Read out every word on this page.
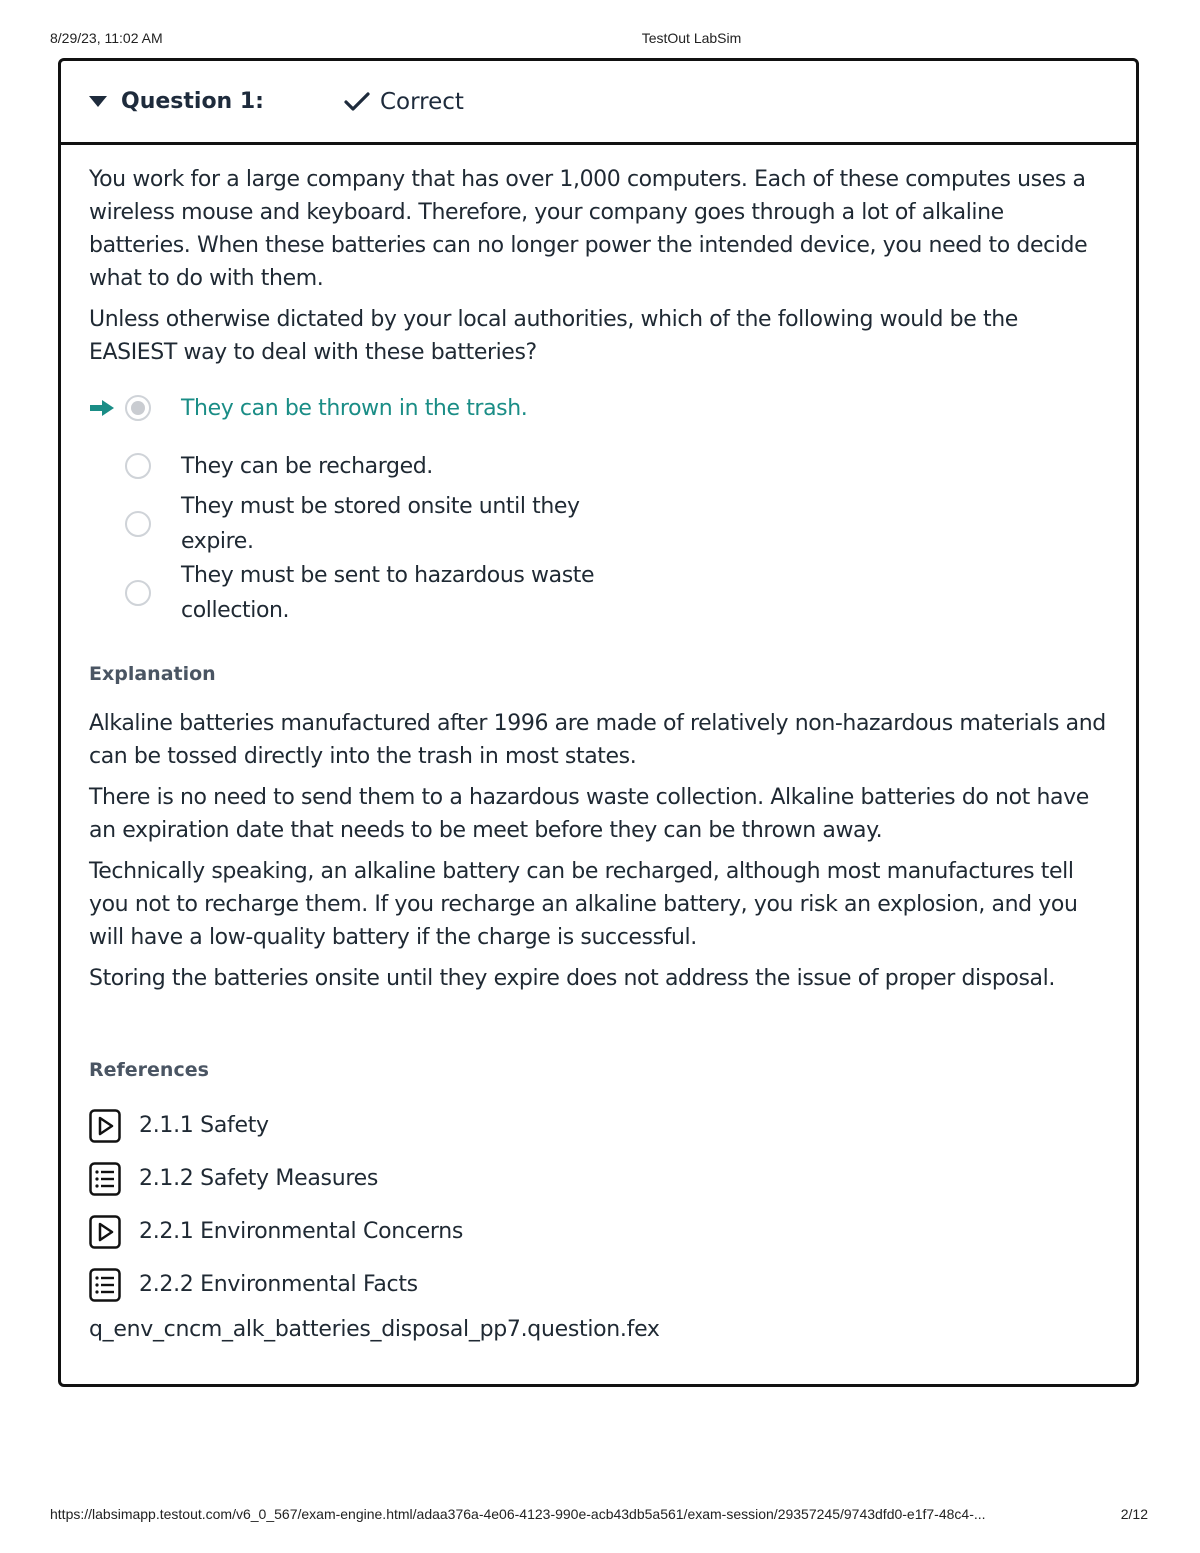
8/29/23, 11:02 AM	TestOut LabSim
Question 1:	Correct

You work for a large company that has over 1,000 computers. Each of these computes uses a wireless mouse and keyboard. Therefore, your company goes through a lot of alkaline batteries. When these batteries can no longer power the intended device, you need to decide what to do with them.

Unless otherwise dictated by your local authorities, which of the following would be the EASIEST way to deal with these batteries?

They can be thrown in the trash.
They can be recharged.
They must be stored onsite until they expire.
They must be sent to hazardous waste collection.
Explanation

Alkaline batteries manufactured after 1996 are made of relatively non-hazardous materials and can be tossed directly into the trash in most states.

There is no need to send them to a hazardous waste collection. Alkaline batteries do not have an expiration date that needs to be meet before they can be thrown away.

Technically speaking, an alkaline battery can be recharged, although most manufactures tell you not to recharge them. If you recharge an alkaline battery, you risk an explosion, and you will have a low-quality battery if the charge is successful.

Storing the batteries onsite until they expire does not address the issue of proper disposal.

References
2.1.1 Safety
2.1.2 Safety Measures
2.2.1 Environmental Concerns
2.2.2 Environmental Facts
q_env_cncm_alk_batteries_disposal_pp7.question.fex
https://labsimapp.testout.com/v6_0_567/exam-engine.html/adaa376a-4e06-4123-990e-acb43db5a561/exam-session/29357245/9743dfd0-e1f7-48c4-...	2/12
